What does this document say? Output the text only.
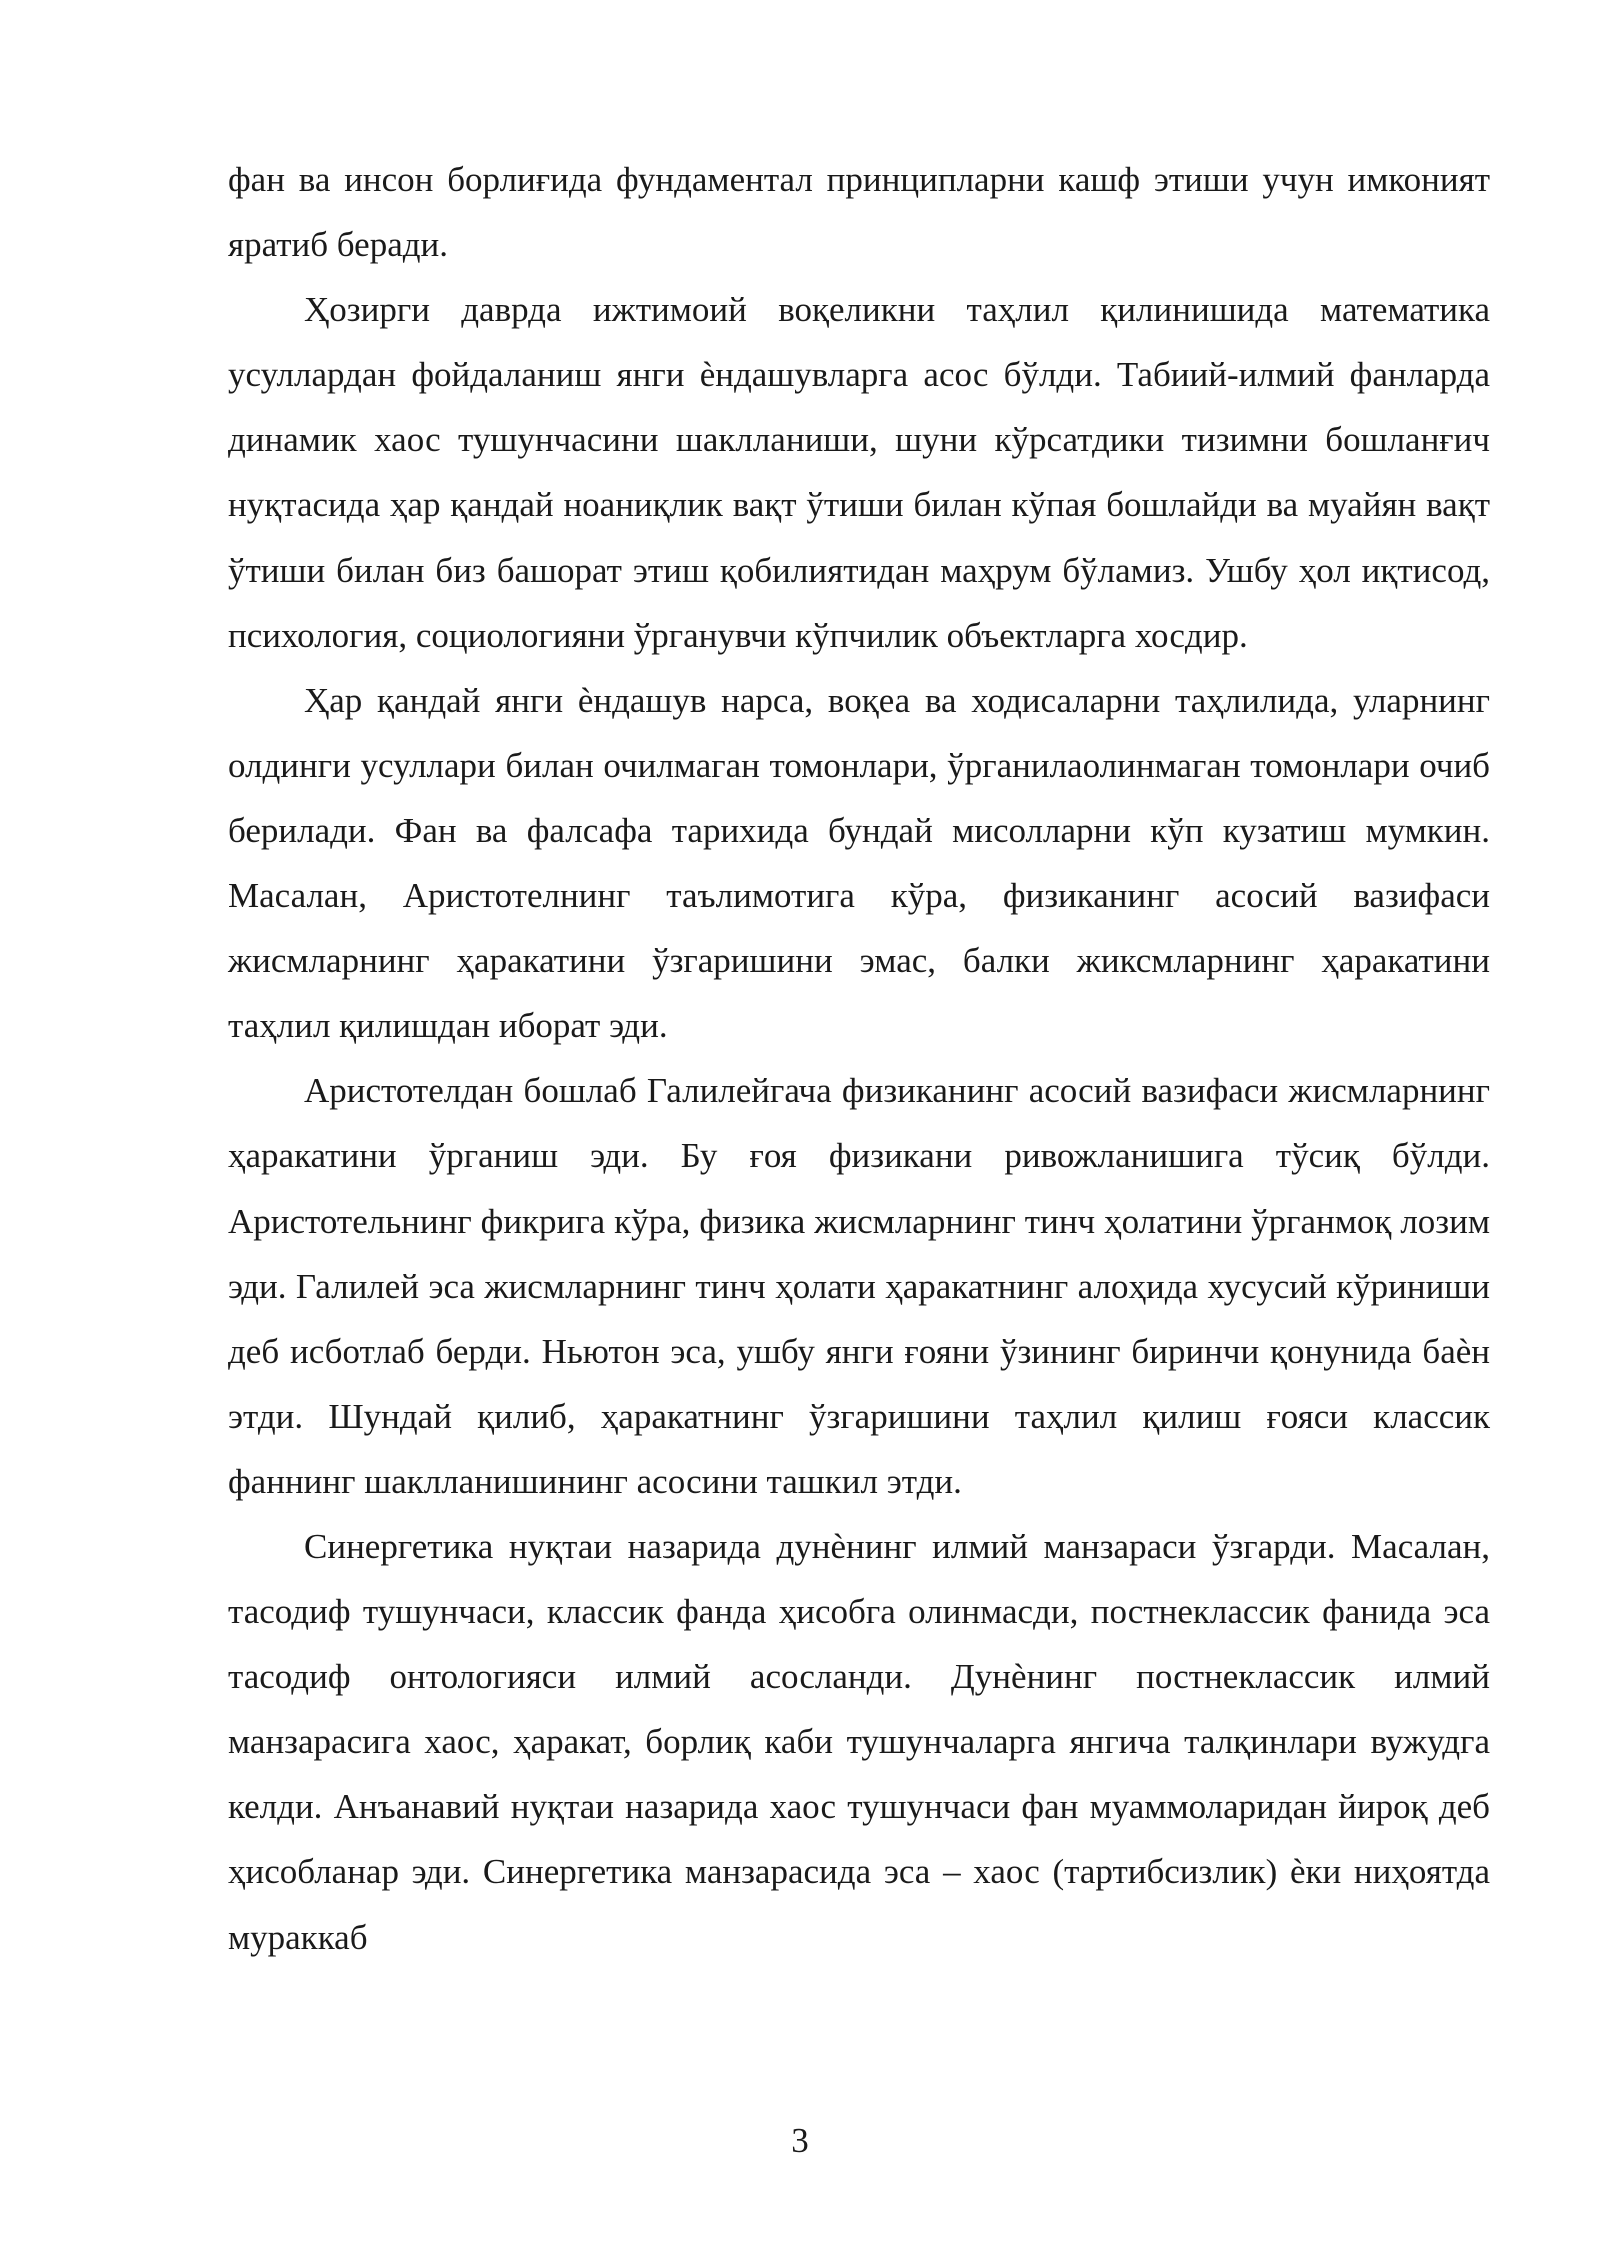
фан ва инсон борлиғида фундаментал принципларни кашф этиши учун имконият яратиб беради.

Ҳозирги даврда ижтимоий воқеликни таҳлил қилинишида математика усуллардан фойдаланиш янги ѐндашувларга асос бўлди. Табиий-илмий фанларда динамик хаос тушунчасини шаклланиши, шуни кўрсатдики тизимни бошланғич нуқтасида ҳар қандай ноаниқлик вақт ўтиши билан кўпая бошлайди ва муайян вақт ўтиши билан биз башорат этиш қобилиятидан маҳрум бўламиз. Ушбу ҳол иқтисод, психология, социологияни ўрганувчи кўпчилик объектларга хосдир.

Ҳар қандай янги ѐндашув нарса, воқеа ва ходисаларни таҳлилида, уларнинг олдинги усуллари билан очилмаган томонлари, ўрганилаолинмаган томонлари очиб берилади. Фан ва фалсафа тарихида бундай мисолларни кўп кузатиш мумкин. Масалан, Аристотелнинг таълимотига кўра, физиканинг асосий вазифаси жисмларнинг ҳаракатини ўзгаришини эмас, балки жиксмларнинг ҳаракатини таҳлил қилишдан иборат эди.

Аристотелдан бошлаб Галилейгача физиканинг асосий вазифаси жисмларнинг ҳаракатини ўрганиш эди. Бу ғоя физикани ривожланишига тўсиқ бўлди. Аристотельнинг фикрига кўра, физика жисмларнинг тинч ҳолатини ўрганмоқ лозим эди. Галилей эса жисмларнинг тинч ҳолати ҳаракатнинг алоҳида хусусий кўриниши деб исботлаб берди. Ньютон эса, ушбу янги ғояни ўзининг биринчи қонунида баѐн этди. Шундай қилиб, ҳаракатнинг ўзгаришини таҳлил қилиш ғояси классик фаннинг шаклланишининг асосини ташкил этди.

Синергетика нуқтаи назарида дунѐнинг илмий манзараси ўзгарди. Масалан, тасодиф тушунчаси, классик фанда ҳисобга олинмасди, постнеклассик фанида эса тасодиф онтологияси илмий асосланди. Дунѐнинг постнеклассик илмий манзарасига хаос, ҳаракат, борлиқ каби тушунчаларга янгича талқинлари вужудга келди. Анъанавий нуқтаи назарида хаос тушунчаси фан муаммоларидан йироқ деб ҳисобланар эди. Синергетика манзарасида эса – хаос (тартибсизлик) ѐки ниҳоятда мураккаб

3
